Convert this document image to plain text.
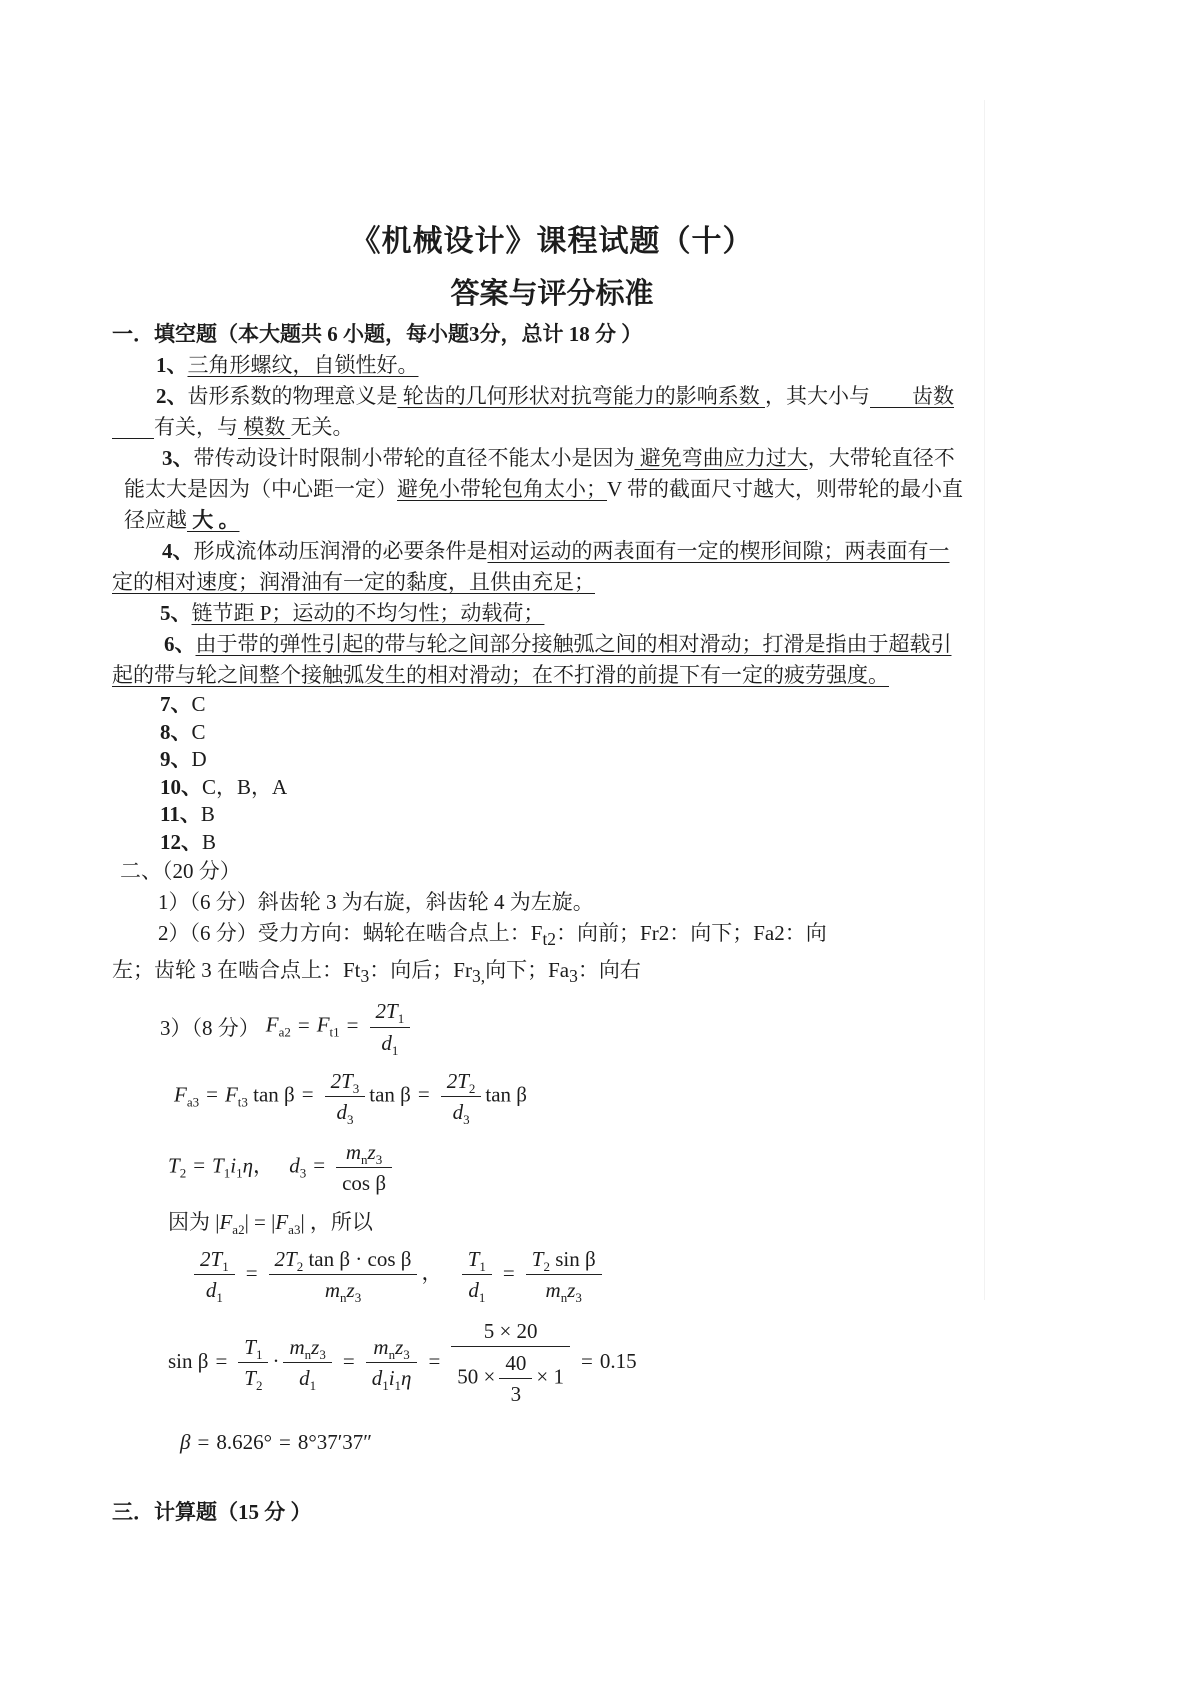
《机械设计》课程试题（十）
答案与评分标准
一．填空题（本大题共 6 小题，每小题3分，总计 18 分 ）
1、三角形螺纹，自锁性好。
2、齿形系数的物理意义是 轮齿的几何形状对抗弯能力的影响系数 ，其大小与　　齿数
　　有关，与 模数 无关。
3、带传动设计时限制小带轮的直径不能太小是因为 避免弯曲应力过大，大带轮直径不
能太大是因为（中心距一定）避免小带轮包角太小；V 带的截面尺寸越大，则带轮的最小直
径应越 大 。
4、形成流体动压润滑的必要条件是相对运动的两表面有一定的楔形间隙；两表面有一
定的相对速度；润滑油有一定的黏度，且供由充足；
5、链节距 P；运动的不均匀性；动载荷；
6、由于带的弹性引起的带与轮之间部分接触弧之间的相对滑动；打滑是指由于超载引
起的带与轮之间整个接触弧发生的相对滑动；在不打滑的前提下有一定的疲劳强度。
7、C
8、C
9、D
10、C，B，A
11、B
12、B
二、（20 分）
1）（6 分）斜齿轮 3 为右旋，斜齿轮 4 为左旋。
2）（6 分）受力方向：蜗轮在啮合点上：$F_{t2}$：向前；Fr2：向下；Fa2：向
左；齿轮 3 在啮合点上：$Ft_3$：向后；$Fr_{3,}$向下；$Fa_3$：向右
3）（8 分） $F_{a2} = F_{t1} = \frac{2T_1}{d_1}$
$F_{a3} = F_{t3}$ $\tan \beta = \frac{2T_3}{d_3}$ $\tan \beta = \frac{2T_2}{d_3}$ tan β
$T_2 = T_1i_1\eta$， $d_3 = \frac{m_nz_3}{\text{cos β}}$
因为 $|F_{a2}| = |F_{a3}|$ ，所以
$\frac{2T_1}{d_1} = \frac{2T_2 \tan \beta \cdot \cos \beta}{m_nz_3}$ ， $\frac{T_1}{d_1} = \frac{T_2 \sin \beta}{m_nz_3}$
$\sin \beta = \frac{T_1}{T_2} \cdot \frac{m_nz_3}{d_1} = \frac{m_nz_3}{d_1i_1\eta} = \frac{5 \times 20}{50 \times \frac{40}{3} \times 1} = 0.15$
β = 8.626° = 8°37′37″
三．计算题（15 分 ）
